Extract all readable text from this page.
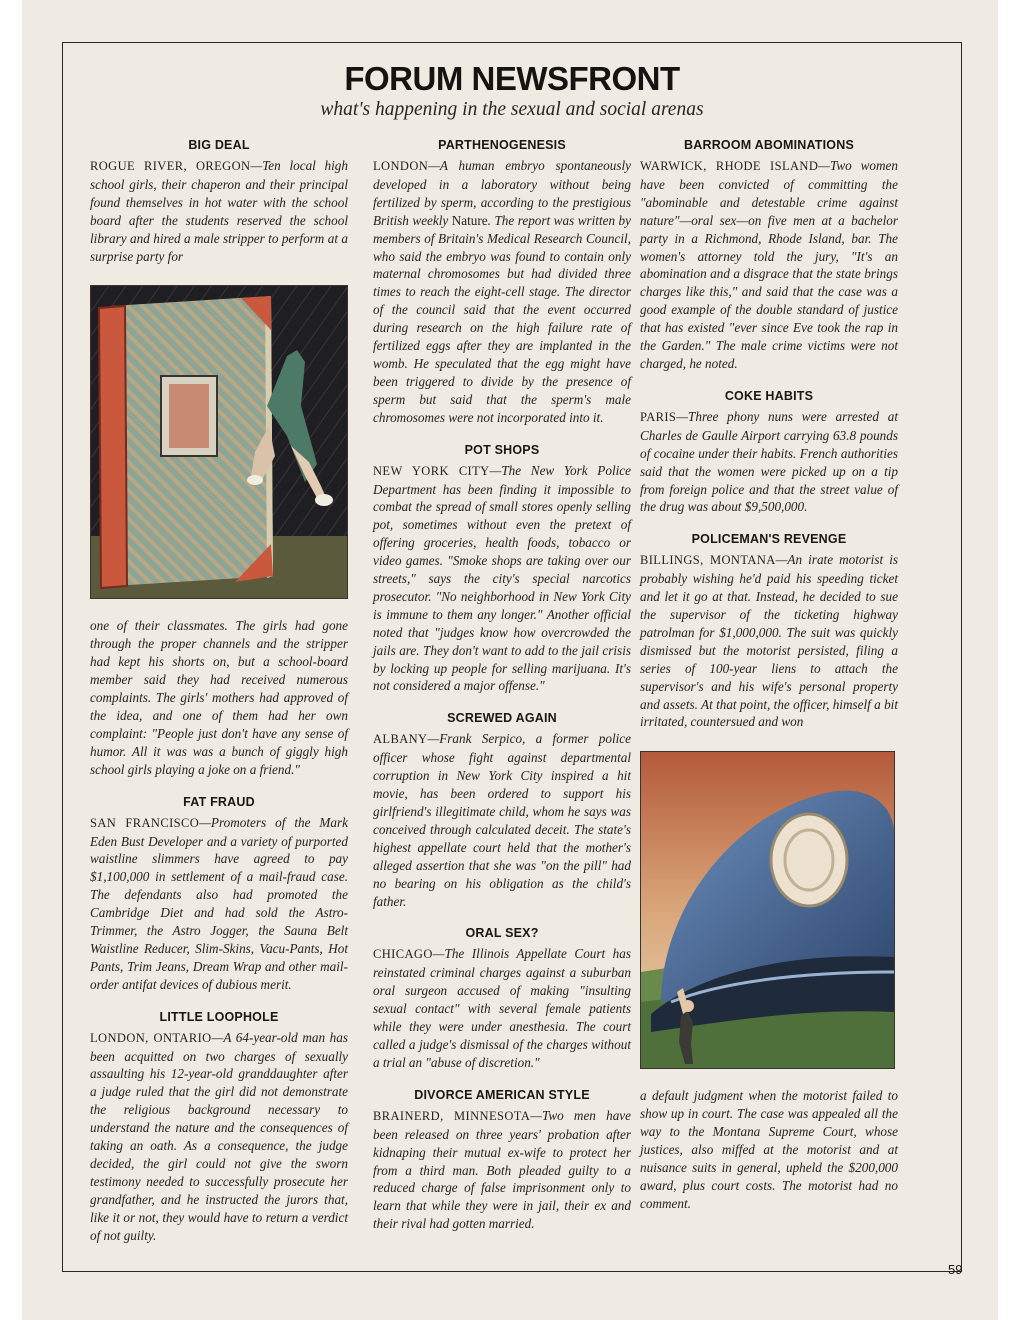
FORUM NEWSFRONT
what's happening in the sexual and social arenas
BIG DEAL

ROGUE RIVER, OREGON—Ten local high school girls, their chaperon and their principal found themselves in hot water with the school board after the students reserved the school library and hired a male stripper to perform at a surprise party for

one of their classmates. The girls had gone through the proper channels and the stripper had kept his shorts on, but a school-board member said they had received numerous complaints. The girls' mothers had approved of the idea, and one of them had her own complaint: "People just don't have any sense of humor. All it was was a bunch of giggly high school girls playing a joke on a friend."

FAT FRAUD

SAN FRANCISCO—Promoters of the Mark Eden Bust Developer and a variety of purported waistline slimmers have agreed to pay $1,100,000 in settlement of a mail-fraud case. The defendants also had promoted the Cambridge Diet and had sold the Astro-Trimmer, the Astro Jogger, the Sauna Belt Waistline Reducer, Slim-Skins, Vacu-Pants, Hot Pants, Trim Jeans, Dream Wrap and other mail-order antifat devices of dubious merit.

LITTLE LOOPHOLE

LONDON, ONTARIO—A 64-year-old man has been acquitted on two charges of sexually assaulting his 12-year-old granddaughter after a judge ruled that the girl did not demonstrate the religious background necessary to understand the nature and the consequences of taking an oath. As a consequence, the judge decided, the girl could not give the sworn testimony needed to successfully prosecute her grandfather, and he instructed the jurors that, like it or not, they would have to return a verdict of not guilty.

PARTHENOGENESIS

LONDON—A human embryo spontaneously developed in a laboratory without being fertilized by sperm, according to the prestigious British weekly Nature. The report was written by members of Britain's Medical Research Council, who said the embryo was found to contain only maternal chromosomes but had divided three times to reach the eight-cell stage. The director of the council said that the event occurred during research on the high failure rate of fertilized eggs after they are implanted in the womb. He speculated that the egg might have been triggered to divide by the presence of sperm but said that the sperm's male chromosomes were not incorporated into it.

POT SHOPS

NEW YORK CITY—The New York Police Department has been finding it impossible to combat the spread of small stores openly selling pot, sometimes without even the pretext of offering groceries, health foods, tobacco or video games. "Smoke shops are taking over our streets," says the city's special narcotics prosecutor. "No neighborhood in New York City is immune to them any longer." Another official noted that "judges know how overcrowded the jails are. They don't want to add to the jail crisis by locking up people for selling marijuana. It's not considered a major offense."

SCREWED AGAIN

ALBANY—Frank Serpico, a former police officer whose fight against departmental corruption in New York City inspired a hit movie, has been ordered to support his girlfriend's illegitimate child, whom he says was conceived through calculated deceit. The state's highest appellate court held that the mother's alleged assertion that she was "on the pill" had no bearing on his obligation as the child's father.

ORAL SEX?

CHICAGO—The Illinois Appellate Court has reinstated criminal charges against a suburban oral surgeon accused of making "insulting sexual contact" with several female patients while they were under anesthesia. The court called a judge's dismissal of the charges without a trial an "abuse of discretion."

DIVORCE AMERICAN STYLE

BRAINERD, MINNESOTA—Two men have been released on three years' probation after kidnaping their mutual ex-wife to protect her from a third man. Both pleaded guilty to a reduced charge of false imprisonment only to learn that while they were in jail, their ex and their rival had gotten married.

BARROOM ABOMINATIONS

WARWICK, RHODE ISLAND—Two women have been convicted of committing the "abominable and detestable crime against nature"—oral sex—on five men at a bachelor party in a Richmond, Rhode Island, bar. The women's attorney told the jury, "It's an abomination and a disgrace that the state brings charges like this," and said that the case was a good example of the double standard of justice that has existed "ever since Eve took the rap in the Garden." The male crime victims were not charged, he noted.

COKE HABITS

PARIS—Three phony nuns were arrested at Charles de Gaulle Airport carrying 63.8 pounds of cocaine under their habits. French authorities said that the women were picked up on a tip from foreign police and that the street value of the drug was about $9,500,000.

POLICEMAN'S REVENGE

BILLINGS, MONTANA—An irate motorist is probably wishing he'd paid his speeding ticket and let it go at that. Instead, he decided to sue the supervisor of the ticketing highway patrolman for $1,000,000. The suit was quickly dismissed but the motorist persisted, filing a series of 100-year liens to attach the supervisor's and his wife's personal property and assets. At that point, the officer, himself a bit irritated, countersued and won

a default judgment when the motorist failed to show up in court. The case was appealed all the way to the Montana Supreme Court, whose justices, also miffed at the motorist and at nuisance suits in general, upheld the $200,000 award, plus court costs. The motorist had no comment.

59
